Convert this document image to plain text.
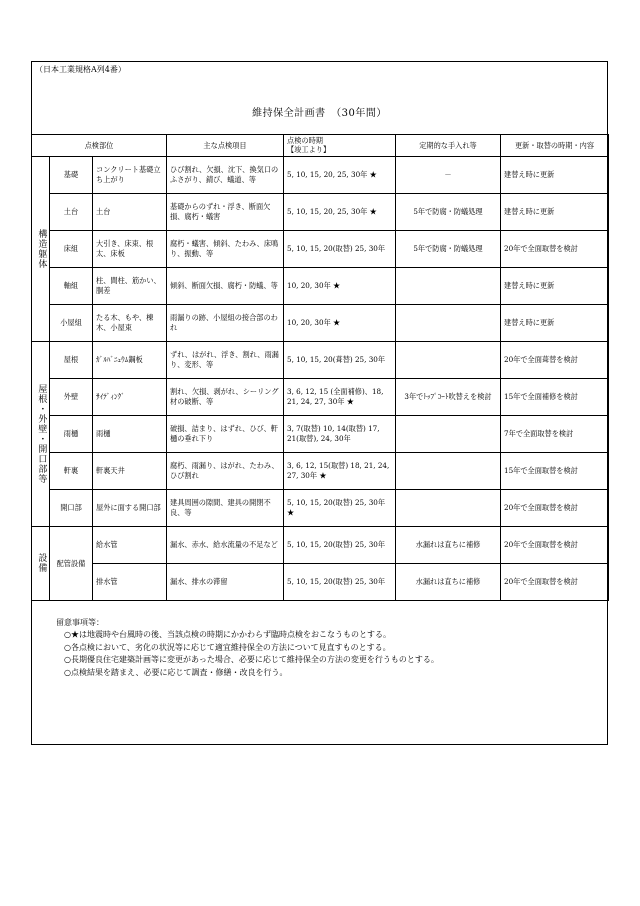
（日本工業規格A列4番）
維持保全計画書　（30年間）
点検部位			主な点検項目	点検の時期
【竣工より】	定期的な手入れ等	更新・取替の時期・内容
構造躯体	基礎	コンクリート基礎立ち上がり	ひび割れ、欠損、沈下、換気口のふさがり、錆び、蟻道、等	5, 10, 15, 20, 25, 30年 ★	－	建替え時に更新
	土台	土台	基礎からのずれ・浮き、断面欠損、腐朽・蟻害	5, 10, 15, 20, 25, 30年 ★	5年で防腐・防蟻処理	建替え時に更新
	床組	大引き、床束、根太、床板	腐朽・蟻害、傾斜、たわみ、床鳴り、振動、等	5, 10, 15, 20(取替) 25, 30年	5年で防腐・防蟻処理	20年で全面取替を検討
	軸組	柱、間柱、筋かい、胴差	傾斜、断面欠損、腐朽・防蟻、等	10, 20, 30年 ★		建替え時に更新
	小屋組	たる木、もや、棟木、小屋束	雨漏りの跡、小屋組の接合部のわれ	10, 20, 30年 ★		建替え時に更新
屋根・外壁・開口部等	屋根	ｶﾞﾙﾊﾞﾆｭｳﾑ鋼板	ずれ、はがれ、浮き、割れ、雨漏り、変形、等	5, 10, 15, 20(葺替) 25, 30年		20年で全面葺替を検討
	外壁	ｻｲﾃﾞｨﾝｸﾞ	割れ、欠損、剥がれ、シーリング材の破断、等	3, 6, 12, 15 (全面補修)、18, 21, 24, 27, 30年 ★	3年でﾄｯﾌﾟｺｰﾄ吹替えを検討	15年で全面補修を検討
	雨樋	雨樋	破損、詰まり、はずれ、ひび、軒樋の垂れ下り	3, 7(取替) 10, 14(取替) 17, 21(取替), 24, 30年		7年で全面取替を検討
	軒裏	軒裏天井	腐朽、雨漏り、はがれ、たわみ、ひび割れ	3, 6, 12, 15(取替) 18, 21, 24, 27, 30年 ★		15年で全面取替を検討
	開口部	屋外に面する開口部	建具周囲の隙間、建具の開閉不良、等	5, 10, 15, 20(取替) 25, 30年 ★		20年で全面取替を検討
設備	配管設備	給水管	漏水、赤水、給水流量の不足など	5, 10, 15, 20(取替) 25, 30年	水漏れは直ちに補修	20年で全面取替を検討
		排水管	漏水、排水の滞留	5, 10, 15, 20(取替) 25, 30年	水漏れは直ちに補修	20年で全面取替を検討
留意事項等：
○★は地震時や台風時の後、当該点検の時期にかかわらず臨時点検をおこなうものとする。
○各点検において、劣化の状況等に応じて適宜維持保全の方法について見直すものとする。
○長期優良住宅建築計画等に変更があった場合、必要に応じて維持保全の方法の変更を行うものとする。
○点検結果を踏まえ、必要に応じて調査・修繕・改良を行う。
